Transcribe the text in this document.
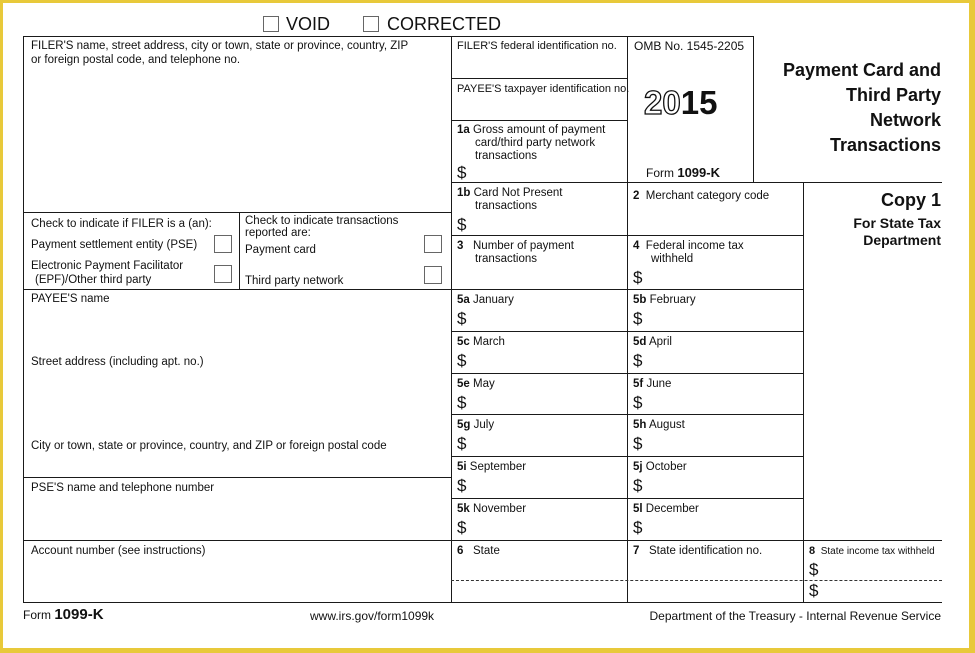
VOID	CORRECTED
FILER'S name, street address, city or town, state or province, country, ZIP
or foreign postal code, and telephone no.
FILER'S federal identification no.
PAYEE'S taxpayer identification no.
1a Gross amount of payment
card/third party network
transactions
$
OMB No. 1545-2205
2015
Form 1099-K
Payment Card and
Third Party
Network
Transactions
Copy 1
For State Tax
Department
Check to indicate if FILER is a (an):
Payment settlement entity (PSE)
Electronic Payment Facilitator
(EPF)/Other third party
Check to indicate transactions
reported are:
Payment card
Third party network
1b Card Not Present
transactions
$
2 Merchant category code
3 Number of payment
transactions
4 Federal income tax
withheld
$
5a January
$
5b February
$
5c March
$
5d April
$
5e May
$
5f June
$
5g July
$
5h August
$
5i September
$
5j October
$
5k November
$
5l December
$
PAYEE'S name
Street address (including apt. no.)
City or town, state or province, country, and ZIP or foreign postal code
PSE'S name and telephone number
Account number (see instructions)	6 State	7 State identification no.	8 State income tax withheld
$
$
Form 1099-K	www.irs.gov/form1099k	Department of the Treasury - Internal Revenue Service
